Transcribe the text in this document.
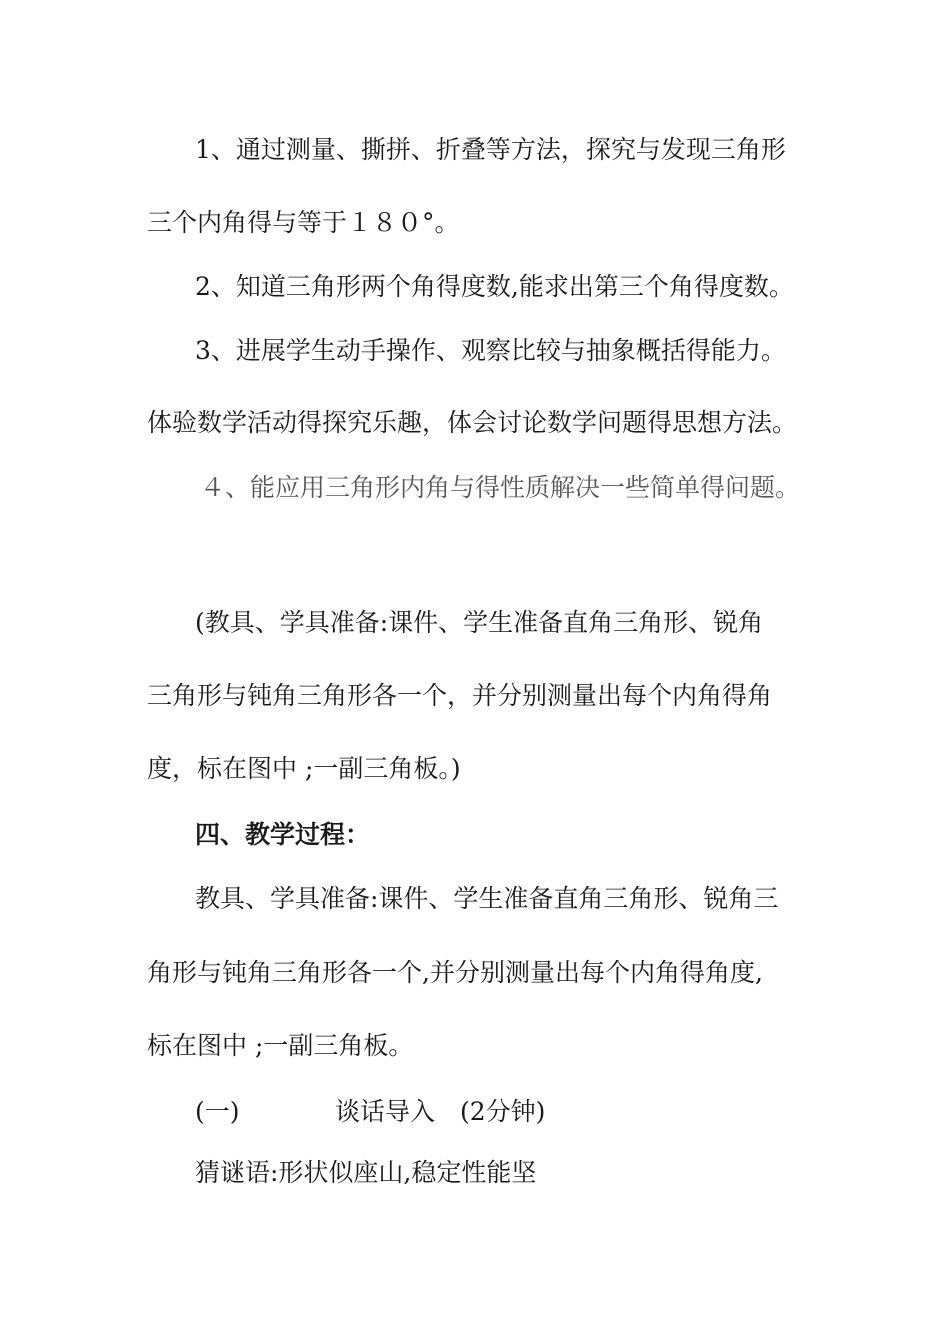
1、通过测量、撕拼、折叠等方法，探究与发现三角形
三个内角得与等于１８０°。
2、知道三角形两个角得度数,能求出第三个角得度数。
3、进展学生动手操作、观察比较与抽象概括得能力。
体验数学活动得探究乐趣，体会讨论数学问题得思想方法。
４、能应用三角形内角与得性质解决一些简单得问题。
(教具、学具准备:课件、学生准备直角三角形、锐角
三角形与钝角三角形各一个，并分别测量出每个内角得角
度，标在图中 ;一副三角板。)
四、教学过程：
教具、学具准备:课件、学生准备直角三角形、锐角三
角形与钝角三角形各一个,并分别测量出每个内角得角度,
标在图中 ;一副三角板。
(一)	谈话导入　(2分钟)
猜谜语:形状似座山,稳定性能坚
